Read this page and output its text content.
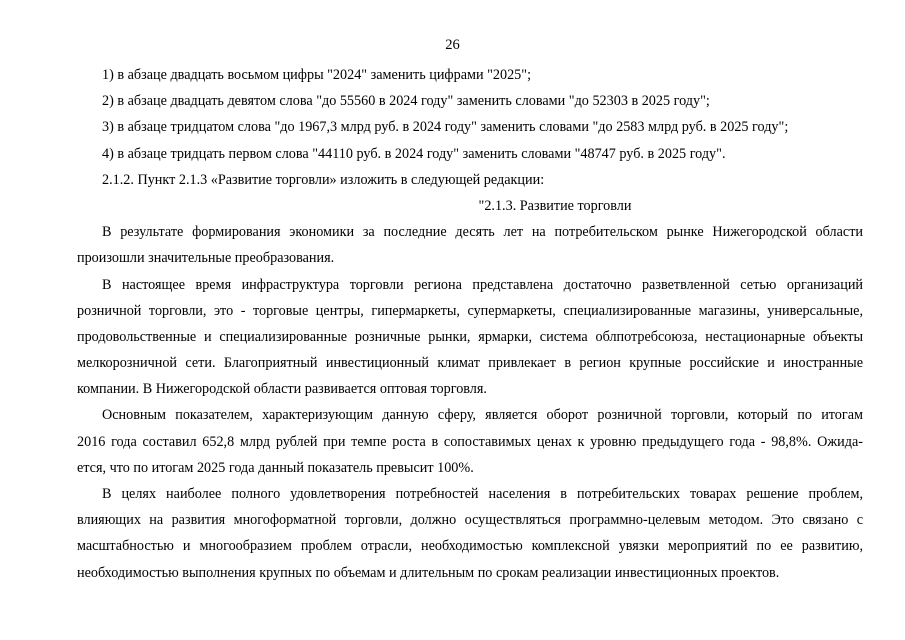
26
1) в абзаце двадцать восьмом цифры "2024" заменить цифрами "2025";
2) в абзаце двадцать девятом слова "до 55560 в 2024 году" заменить словами "до 52303 в 2025 году";
3) в абзаце тридцатом слова "до 1967,3 млрд руб. в 2024 году" заменить словами "до 2583 млрд руб. в 2025 году";
4) в абзаце тридцать первом слова "44110 руб. в 2024 году" заменить словами "48747 руб. в 2025 году".
2.1.2. Пункт 2.1.3 «Развитие торговли» изложить в следующей редакции:
"2.1.3. Развитие торговли
В результате формирования экономики за последние десять лет на потребительском рынке Нижегородской области
произошли значительные преобразования.
В настоящее время инфраструктура торговли региона представлена достаточно разветвленной сетью организаций
розничной торговли, это - торговые центры, гипермаркеты, супермаркеты, специализированные магазины, универсальные,
продовольственные и специализированные розничные рынки, ярмарки, система облпотребсоюза, нестационарные объекты
мелкорозничной сети. Благоприятный инвестиционный климат привлекает в регион крупные российские и иностранные
компании. В Нижегородской области развивается оптовая торговля.
Основным показателем, характеризующим данную сферу, является оборот розничной торговли, который по итогам
2016 года составил 652,8 млрд рублей при темпе роста в сопоставимых ценах к уровню предыдущего года - 98,8%. Ожида-
ется, что по итогам 2025 года данный показатель превысит 100%.
В целях наиболее полного удовлетворения потребностей населения в потребительских товарах решение проблем,
влияющих на развития многоформатной торговли, должно осуществляться программно-целевым методом. Это связано с
масштабностью и многообразием проблем отрасли, необходимостью комплексной увязки мероприятий по ее развитию,
необходимостью выполнения крупных по объемам и длительным по срокам реализации инвестиционных проектов.
